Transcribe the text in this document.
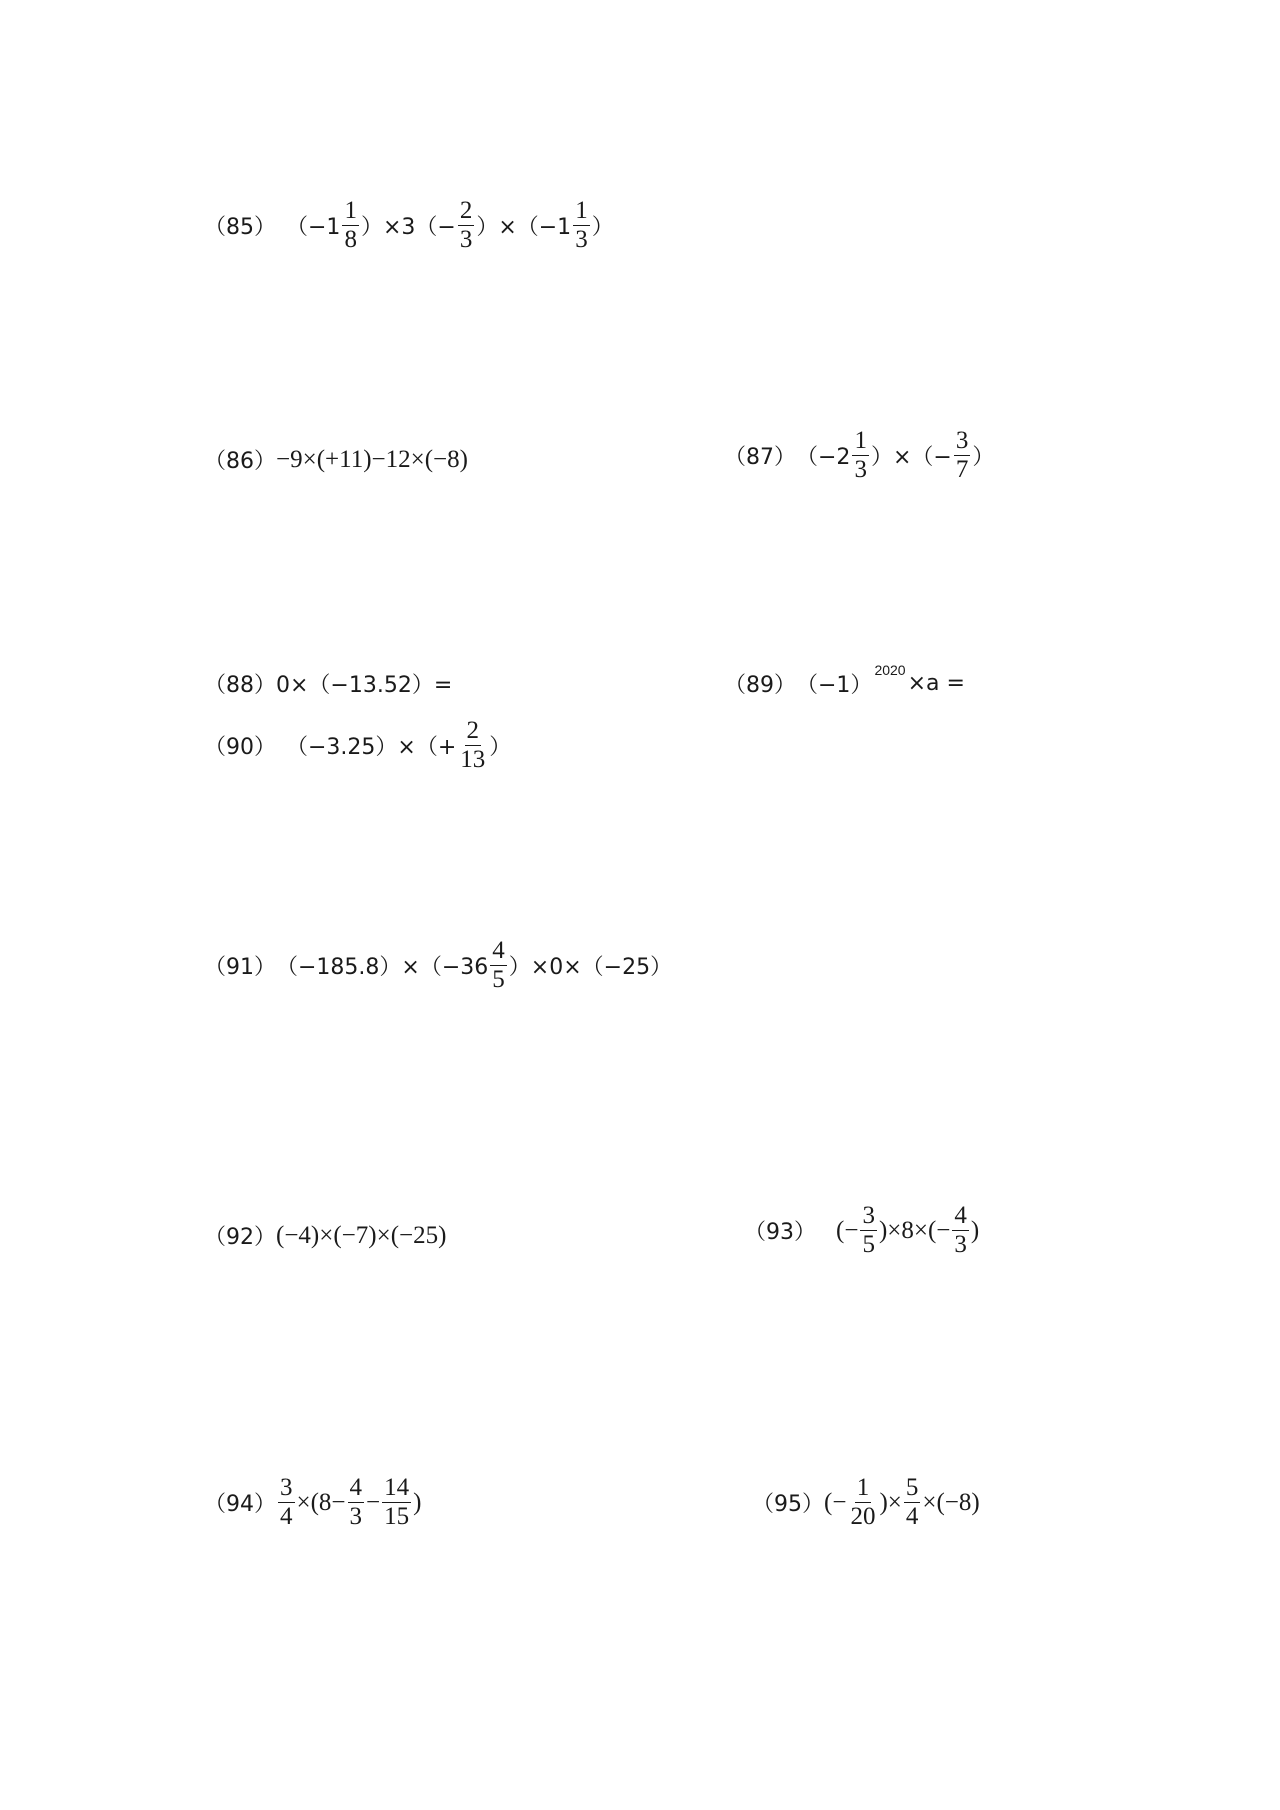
（85） $(-1 \frac{1}{8} )\times 3(- \frac{2}{3} )\times(-1 \frac{1}{3}$ ）
（86） −9×(+11)−12×(−8)	（87） （$-2 \frac{1}{3}$ ）×（− $\frac{3}{7}$ ）
（88） 0×（−13.52）=	（89） （−1）
2020
×a =
（90） $(-3.25)\times(+ \frac{2}{13}$ ）
（91） $(-185.8)\times(-36 \frac{4}{5} )\times 0\times(-25)$
（92） (−4)×(−7)×(−25)	（93） (− $\frac{3}{5} )\times 8\times(- \frac{4}{3}$ )
$(94) \frac{3}{4} \times(8- \frac{4}{3} - \frac{14}{15}$ )	（95） (− $\frac{1}{20}$ )× $\frac{5}{4} \times(-8)$
